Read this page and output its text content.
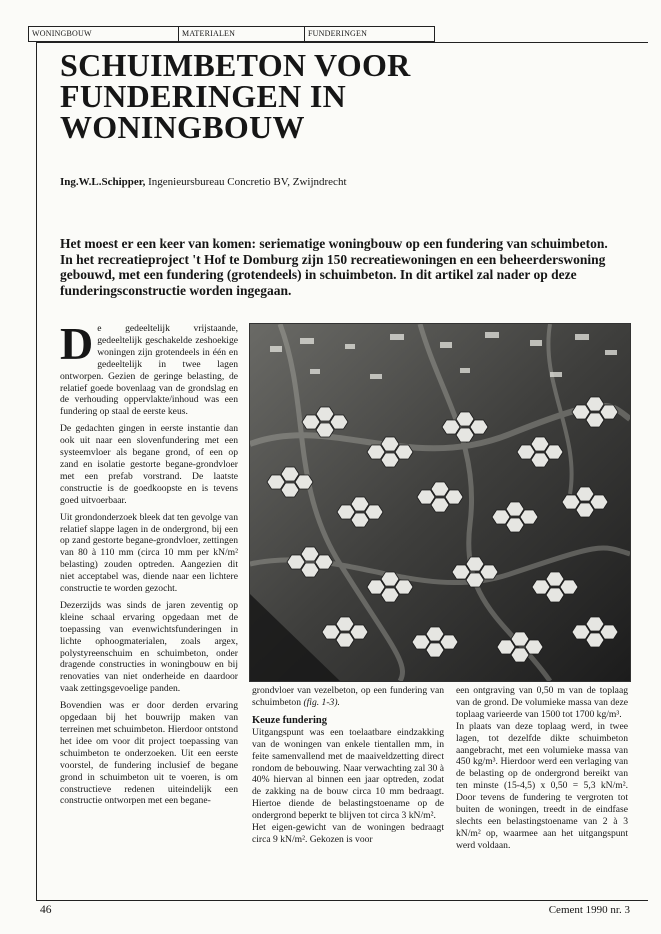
WONINGBOUW	MATERIALEN	FUNDERINGEN
SCHUIMBETON VOOR FUNDERINGEN IN WONINGBOUW
Ing.W.L.Schipper, Ingenieursbureau Concretio BV, Zwijndrecht

Het moest er een keer van komen: seriematige woningbouw op een fundering van schuimbeton. In het recreatieproject 't Hof te Domburg zijn 150 recreatiewoningen en een beheerderswoning gebouwd, met een fundering (grotendeels) in schuimbeton. In dit artikel zal nader op deze funderingsconstructie worden ingegaan.

De gedeeltelijk vrijstaande, gedeeltelijk geschakelde zeshoekige woningen zijn grotendeels in één en gedeeltelijk in twee lagen ontworpen. Gezien de geringe belasting, de relatief goede bovenlaag van de grondslag en de verhouding oppervlakte/inhoud was een fundering op staal de eerste keus.

De gedachten gingen in eerste instantie dan ook uit naar een slovenfundering met een systeemvloer als begane grond, of een op zand en isolatie gestorte begane-grondvloer met een prefab vorstrand. De laatste constructie is de goedkoopste en is tevens goed uitvoerbaar.

Uit grondonderzoek bleek dat ten gevolge van relatief slappe lagen in de ondergrond, bij een op zand gestorte begane-grondvloer, zettingen van 80 à 110 mm (circa 10 mm per kN/m² belasting) zouden optreden. Aangezien dit niet acceptabel was, diende naar een lichtere constructie te worden gezocht.

Dezerzijds was sinds de jaren zeventig op kleine schaal ervaring opgedaan met de toepassing van evenwichtsfunderingen in lichte ophoogmaterialen, zoals argex, polystyreenschuim en schuimbeton, onder dragende constructies in woningbouw en bij renovaties van niet onderheide en daardoor vaak zettingsgevoelige panden.

Bovendien was er door derden ervaring opgedaan bij het bouwrijp maken van terreinen met schuimbeton. Hierdoor ontstond het idee om voor dit project toepassing van schuimbeton te onderzoeken. Uit een eerste voorstel, de fundering inclusief de begane grond in schuimbeton uit te voeren, is om constructieve redenen uiteindelijk een constructie ontworpen met een begane-

grondvloer van vezelbeton, op een fundering van schuimbeton (fig. 1-3).

Keuze fundering

Uitgangspunt was een toelaatbare eindzakking van de woningen van enkele tientallen mm, in feite samenvallend met de maaiveldzetting direct rondom de bebouwing. Naar verwachting zal 30 à 40% hiervan al binnen een jaar optreden, zodat de zakking na de bouw circa 10 mm bedraagt. Hiertoe diende de belastingstoename op de ondergrond beperkt te blijven tot circa 3 kN/m².

Het eigen-gewicht van de woningen bedraagt circa 9 kN/m². Gekozen is voor

een ontgraving van 0,50 m van de toplaag van de grond. De volumieke massa van deze toplaag varieerde van 1500 tot 1700 kg/m³.

In plaats van deze toplaag werd, in twee lagen, tot dezelfde dikte schuimbeton aangebracht, met een volumieke massa van 450 kg/m³. Hierdoor werd een verlaging van de belasting op de ondergrond bereikt van ten minste (15-4,5) x 0,50 = 5,3 kN/m². Door tevens de fundering te vergroten tot buiten de woningen, treedt in de eindfase slechts een belastingstoename van 2 à 3 kN/m² op, waarmee aan het uitgangspunt werd voldaan.

46	Cement 1990 nr. 3
